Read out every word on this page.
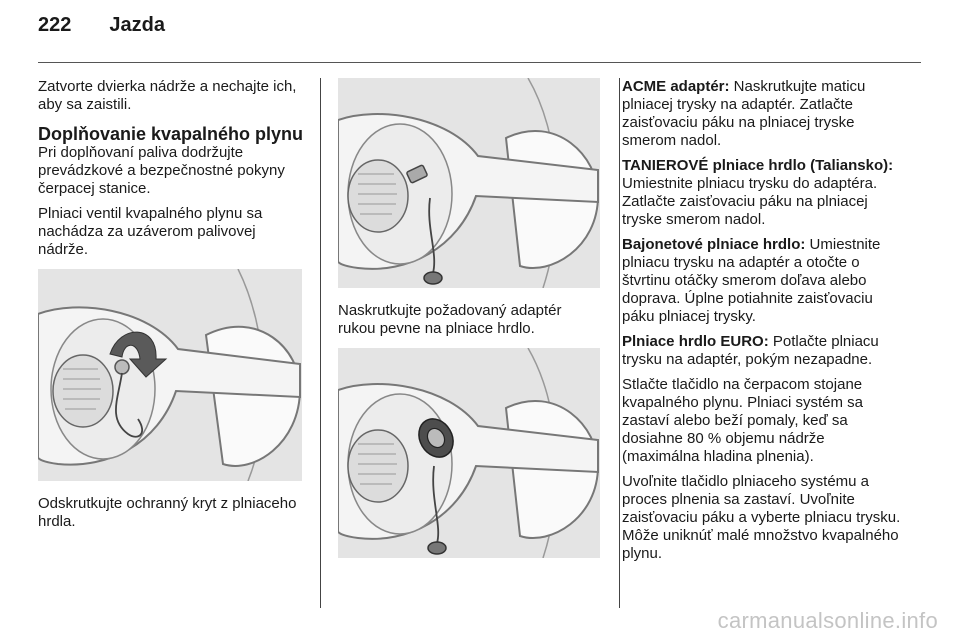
222 Jazda

Zatvorte dvierka nádrže a nechajte ich, aby sa zaistili.

Doplňovanie kvapalného plynu

Pri doplňovaní paliva dodržujte prevádzkové a bezpečnostné pokyny čerpacej stanice.

Plniaci ventil kvapalného plynu sa nachádza za uzáverom palivovej nádrže.

Odskrutkujte ochranný kryt z plniaceho hrdla.

Naskrutkujte požadovaný adaptér rukou pevne na plniace hrdlo.

ACME adaptér: Naskrutkujte maticu plniacej trysky na adaptér. Zatlačte zaisťovaciu páku na plniacej tryske smerom nadol.

TANIEROVÉ plniace hrdlo (Taliansko): Umiestnite plniacu trysku do adaptéra. Zatlačte zaisťovaciu páku na plniacej tryske smerom nadol.

Bajonetové plniace hrdlo: Umiestnite plniacu trysku na adaptér a otočte o štvrtinu otáčky smerom doľava alebo doprava. Úplne potiahnite zaisťovaciu páku plniacej trysky.

Plniace hrdlo EURO: Potlačte plniacu trysku na adaptér, pokým nezapadne.

Stlačte tlačidlo na čerpacom stojane kvapalného plynu. Plniaci systém sa zastaví alebo beží pomaly, keď sa dosiahne 80 % objemu nádrže (maximálna hladina plnenia).

Uvoľnite tlačidlo plniaceho systému a proces plnenia sa zastaví. Uvoľnite zaisťovaciu páku a vyberte plniacu trysku. Môže uniknúť malé množstvo kvapalného plynu.

carmanualsonline.info
